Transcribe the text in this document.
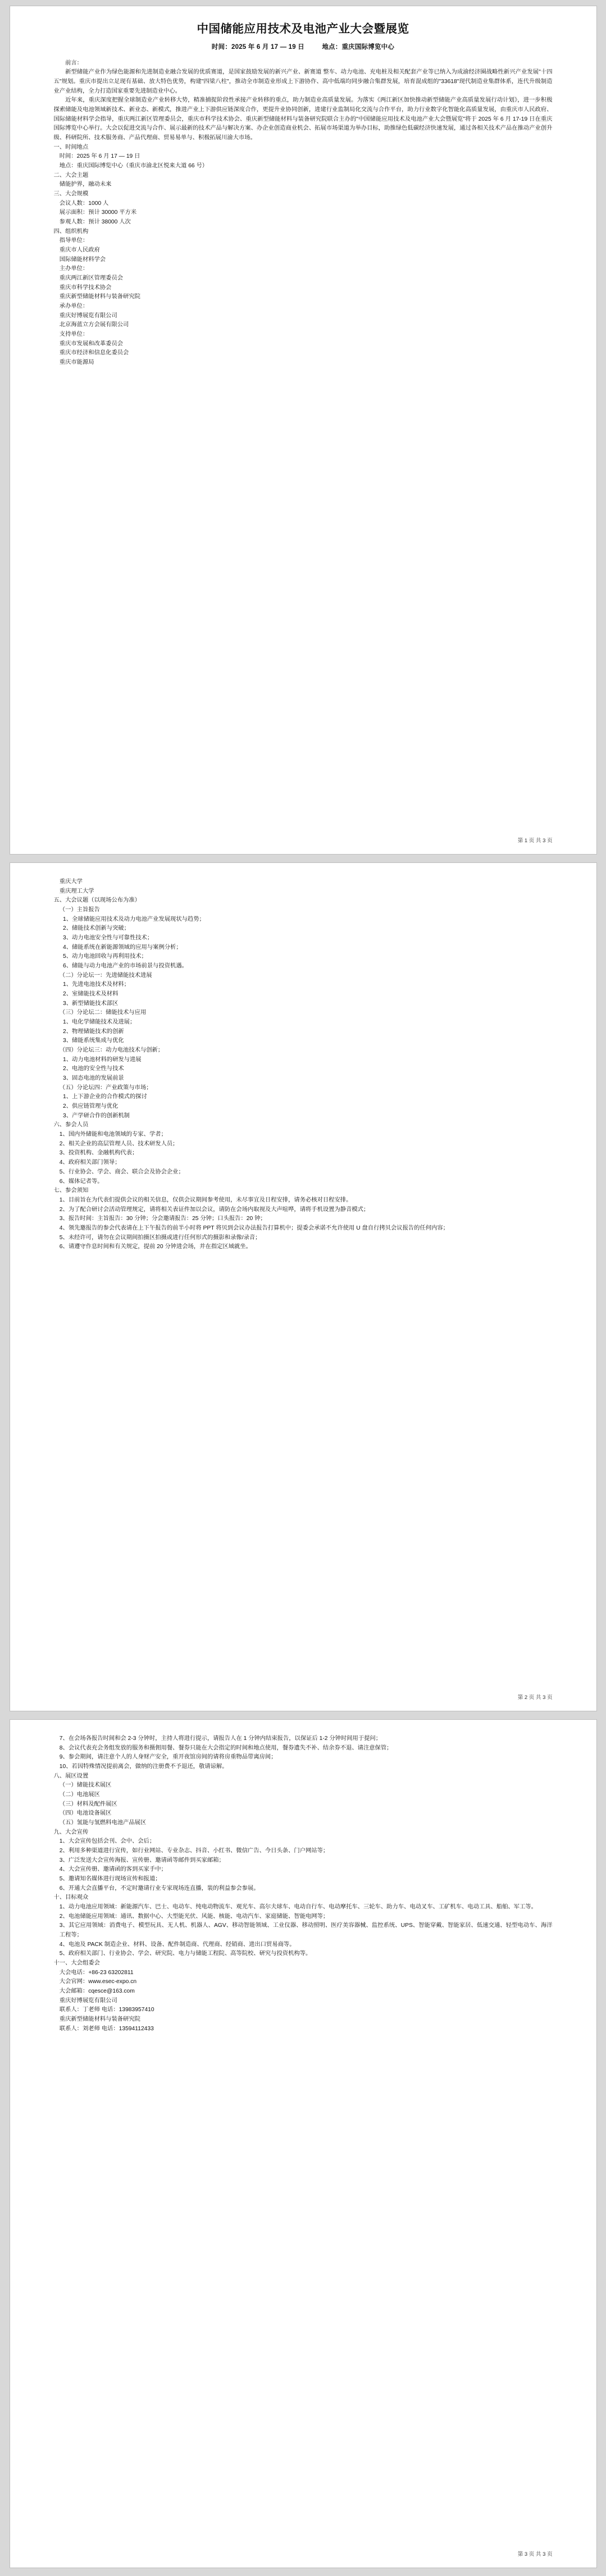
中国储能应用技术及电池产业大会暨展览
时间：2025 年 6 月 17 — 19 日	地点：重庆国际博览中心

前言：

新型储能产业作为绿色能源和先进制造业融合发展的优质赛道，是国家鼓励发展的新兴产业、新赛道 整车、动力电池、充电桩及相关配套产业等已纳入为成渝经济圈战略性新兴产业发展"十四五"规划。重庆市提出立足现有基础、放大特色优势，构建"四梁八柱"，推动全市制造业形成上下游协作、高中低端均同步融合集群发展，培育混成组的"33618"现代制造业集群体系，连代升级制造业产业结构，全力打造国家重要先进制造业中心。

近年来，重庆深度把握全球制造业产业转移大势，精准捕捉阶段性承接产业转移的重点，助力制造业高质量发展。为落实《两江新区加快推动新型储能产业高质量发展行动计划》，进一步积极探索储能及电池领域新技术、新业态、新模式，推进产业上下游供应链深度合作，更提升业协同创新，进建行业监制局化交流与合作平台，助力行业数字化智能化高质量发展，由重庆市人民政府、国际储能材料学会指导，重庆两江新区管理委员会，重庆市科学技术协会、重庆新型储能材料与装备研究院联合主办的"中国储能应用技术及电池产业大会暨展览"将于 2025 年 6 月 17-19 日在重庆国际博览中心举行。大会以促进交流与合作、展示最新的技术产品与解决方案、办企业创造商业机会、拓展市场渠道为举办目标，助推绿色低碳经济快速发展，通过各相关技术产品在推动产业创升级、科研院所、技术服务商、产品代理商、贸易易单与、积极拓展川渝大市场。

一、时间地点

时间：2025 年 6 月 17 — 19 日

地点：重庆国际博览中心（重庆市渝北区悦来大道 66 号）

二、大会主题

储能护界，融动未来

三、大会规模

会议人数：1000 人

展示面积：预计 30000 平方米

参观人数：预计 38000 人次

四、组织机构

指导单位：

重庆市人民政府

国际储能材料学会

主办单位：

重庆两江新区管理委员会

重庆市科学技术协会

重庆新型储能材料与装备研究院

承办单位：

重庆好博展览有限公司

北京海蓝立方会展有限公司

支持单位：

重庆市发展和改革委员会

重庆市经济和信息化委员会

重庆市能源局

第 1 页 共 3 页

重庆大学

重庆理工大学

五、大会议题（以现场公布为准）

（一）主旨报告

1、全球储能应用技术及动力电池产业发展现状与趋势；

2、储能技术创新与突破；

3、动力电池安全性与可靠性技术；

4、储能系统在新能源领域的应用与案例分析；

5、动力电池回收与再利用技术；

6、储能与动力电池产业的市场前景与投资机遇。

（二）分论坛一：先进储能技术进展

1、先进电池技术及材料；

2、室储能技术及材料

3、新型储能技术部区

（三）分论坛二：储能技术与应用

1、电化学储能技术及进展；

2、物理储能技术的创新

3、储能系统集成与优化

（四）分论坛三：动力电池技术与创新；

1、动力电池材料的研发与进展

2、电池的安全性与技术

3、固态电池的发展前景

（五）分论坛四：产业政策与市场；

1、上下游企业的合作模式的探讨

2、供应链管理与优化

3、产学研合作的创新机制

六、参会人员

1、国内外储能和电池领域的专家、学者；

2、相关企业的高层管理人员、技术研发人员；

3、投资机构、金融机构代表；

4、政府相关部门领导；

5、行业协会、学会、商会、联合会及协会企业；

6、媒体记者等。

七、参会须知

1、目前旨在为代表们提供会议的相关信息，仅供会议期间参考使用，未尽事宜及日程安排，请务必核对日程安排。

2、为了配合研讨会活动管理规定，请将相关表证件加以会议，请防在会场内取视及大声喧哗，请将手机设置为静音模式；

3、报告时间：主旨报告：30 分钟；分会邀请报告：25 分钟；口头报告：20 钟；

4、领先邀报告的参会代表请在上下午报告的前半小时将 PPT 将贝到会议办法报告打算机中；提委会承诺不允许使用 U 盘自行拷贝会议报告的任何内容；

5、未经许可，请勿在会议期间拍摄区拍摄或进行任何形式的摄影和录像/录音；

6、请遵守作息时间和有关规定，提前 20 分钟进会场，并在指定区域就坐。

第 2 页 共 3 页

7、在会场各报告时间和会 2-3 分钟时，主持人将进行提示，请报告人在 1 分钟内结束报告，以保证后 1-2 分钟时间用于提问；

8、会议代表充会务组发放的服务和摄佣用餐、餐券只能在大会指定的时间和地点使用，餐券遗失不补、结余券不退、请注意保管；

9、参会期间，请注意个人的人身财产安全，重开夜馆房间的请将房重物品带离房间；

10、若因特殊情况提前离会，做纳的注册费不予退还，敬请谅解。

八、展区设置

（一）储能技术展区

（二）电池展区

（三）材料及配件展区

（四）电池设备展区

（五）氢能与氢燃料电池产品展区

九、大会宣传

1、大会宣传包括会刊、会中、会后；

2、利用多种渠道进行宣传，如行业网站、专业杂志、抖音、小红书、微信广告、今日头条、门户网站等；

3、广泛发送大会宣传海报、宣传册、邀请函等邮件到买家邮箱；

4、大会宣传册、邀请函的客到买家手中；

5、邀请知名媒体进行现场宣传和报道；

6、开通大会直播平台，不定时邀请行业专家现场连直播，装的利益参会参展。

十、目标观众

1、动力电池应用领域：新能源汽车、巴士、电动车、纯电动物流车、观光车、高尔夫球车、电动自行车、电动摩托车、三轮车、助力车、电动叉车、工矿机车、电动工具、船舶、军工等。

2、电池储能应用领域：通讯、数据中心、大型能光伏、风能、核能、电动汽车、家庭储能、智能电网等；

3、其它应用领域：消费电子、模型玩具、无人机、机器人、AGV、移动智能领域、工业仪器、移动照明、医疗美容器械、监控系统、UPS、智能穿戴、智能家居、低速交通、轻型电动车、海洋工程等；

4、电池及 PACK 制造企业、材料、设备、配件制造商、代理商、经销商、进出口贸易商等。

5、政府相关部门、行业协会、学会、研究院、电力与储能工程院、高等院校、研究与投资机构等。

十一、大会组委会

大会电话：+86-23 63202811

大会官网：www.esec-expo.cn

大会邮箱：cqesce@163.com

重庆好博展览有限公司

联系人：丁老师 电话：13983957410

重庆新型储能材料与装备研究院

联系人：刘老师 电话：13594112433

第 3 页 共 3 页
